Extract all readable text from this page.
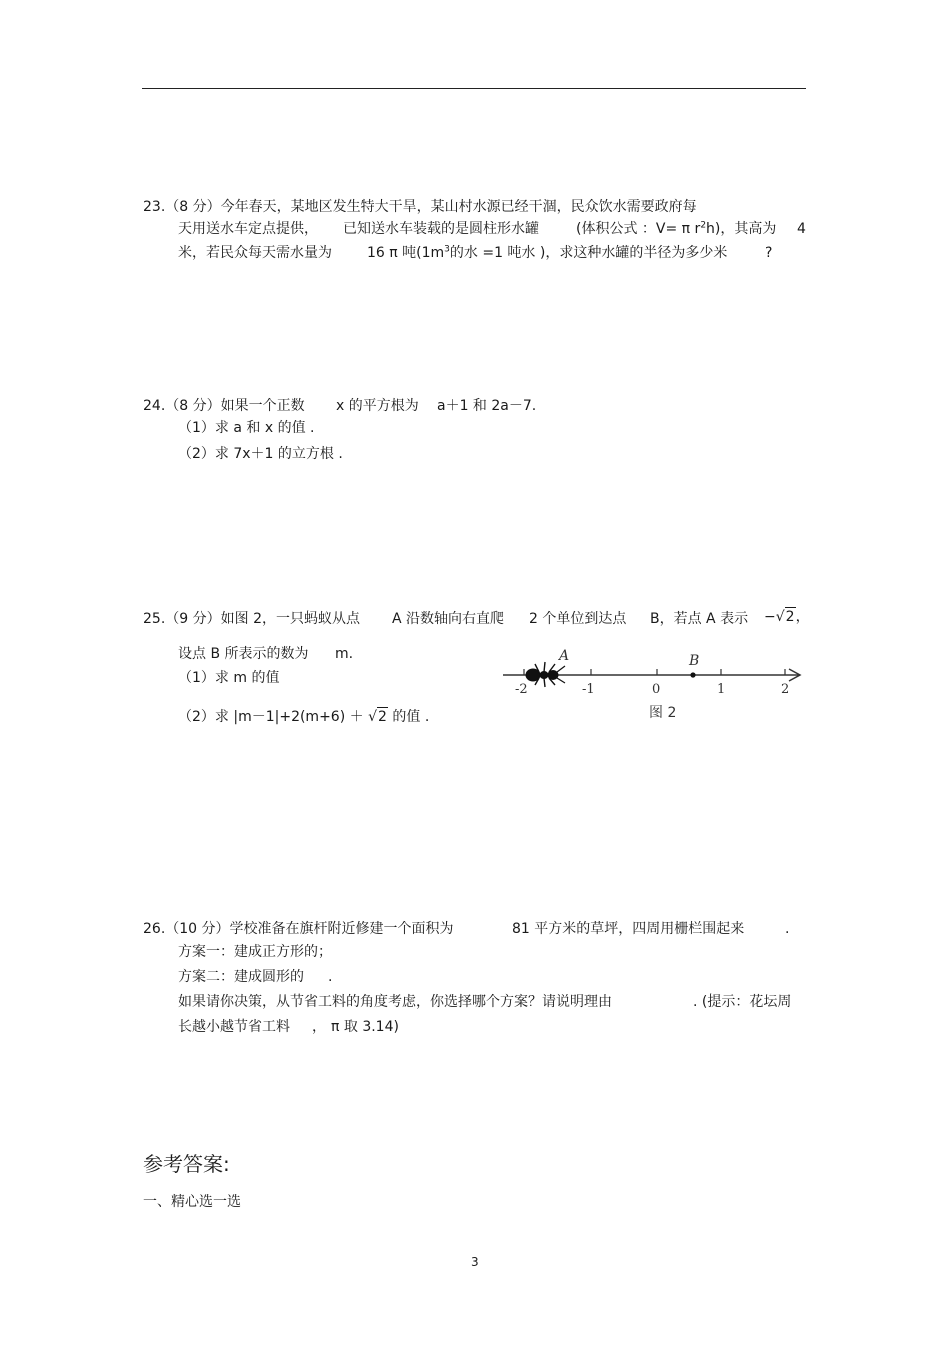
23.（8 分）今年春天，某地区发生特大干旱，某山村水源已经干涸，民众饮水需要政府每
天用送水车定点提供， 已知送水车装载的是圆柱形水罐	(体积公式 ：V= π $r^2h$)，其高为 4
米，若民众每天需水量为	16 π 吨($1m^3$的水 =1 吨水 )，求这种水罐的半径为多少米	?
24.（8 分）如果一个正数 x 的平方根为 a＋1 和 2a－7.
（1）求 a 和 x 的值 .
（2）求 7x＋1 的立方根 .
25.（9 分）如图 2，一只蚂蚁从点 A 沿数轴向右直爬 2 个单位到达点 B，若点 A 表示 −√2，
设点 B 所表示的数为 m.
（1）求 m 的值
（2）求 |m－1|+2(m+6) ＋ √2 的值 .
-2	-1	0	1	2
A	B
图 2
26.（10 分）学校准备在旗杆附近修建一个面积为	81 平方米的草坪，四周用栅栏围起来	.
方案一：建成正方形的；
方案二：建成圆形的 .
如果请你决策，从节省工料的角度考虑，你选择哪个方案？请说明理由	. (提示：花坛周
长越小越节省工料 ， π 取 3.14)
参考答案:
一、精心选一选
3
